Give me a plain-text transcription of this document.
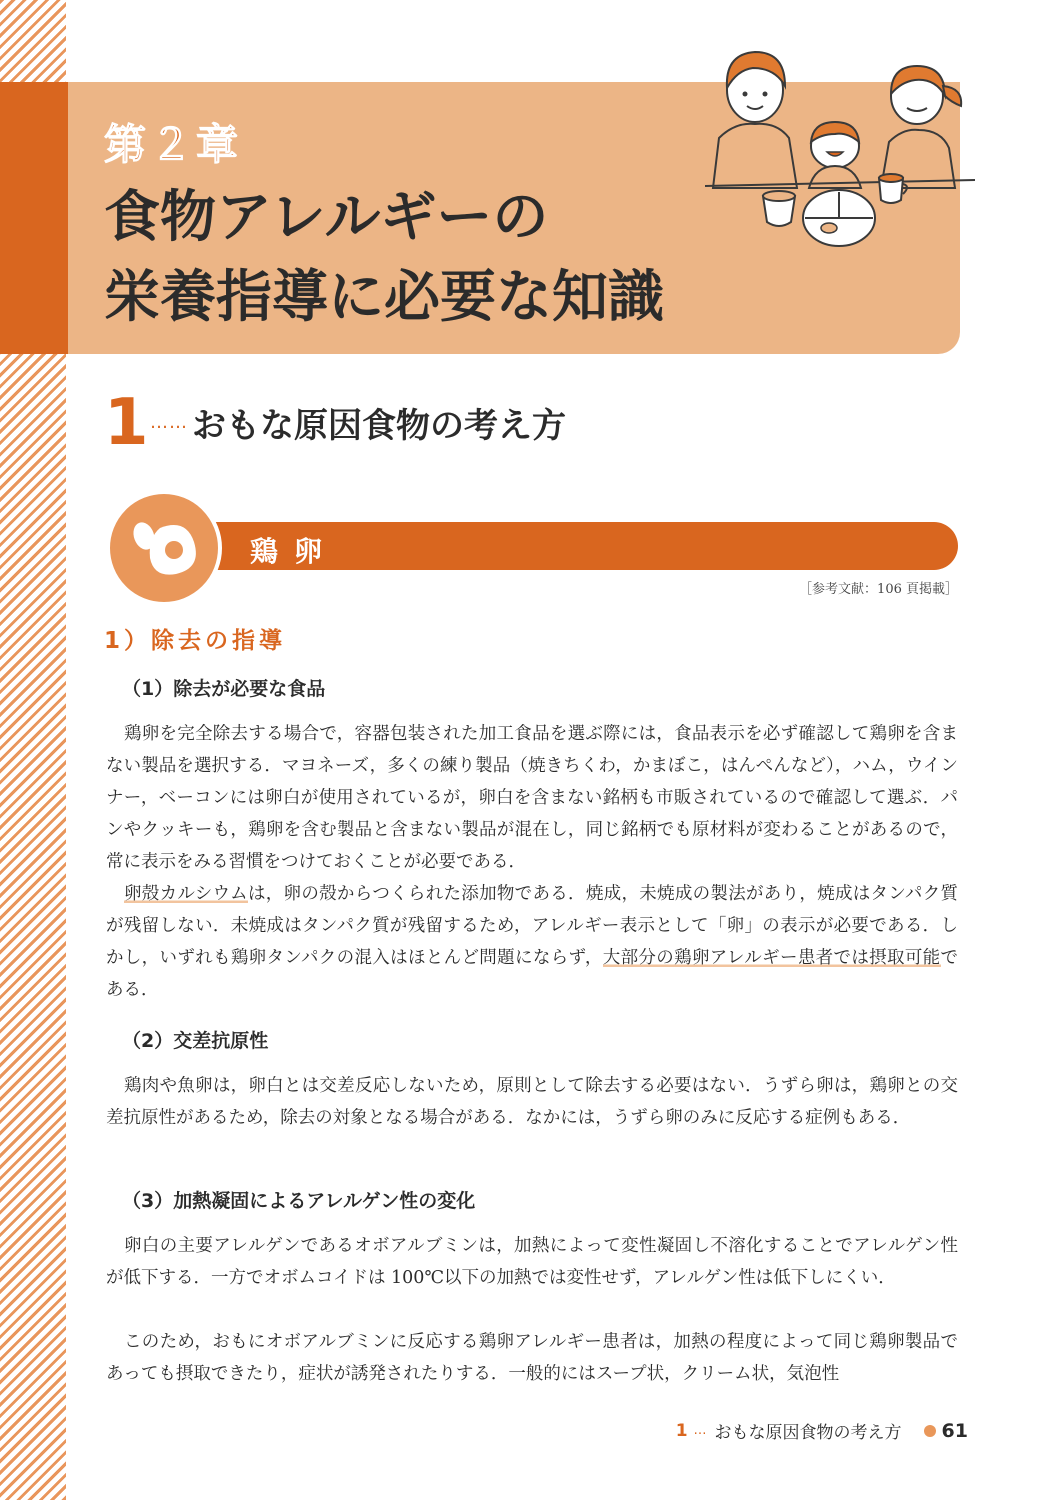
第２章
食物アレルギーの
栄養指導に必要な知識
1 …… おもな原因食物の考え方
鶏卵
［参考文献：106 頁掲載］
1）除去の指導
（1）除去が必要な食品

鶏卵を完全除去する場合で，容器包装された加工食品を選ぶ際には，食品表示を必ず確認して鶏卵を含まない製品を選択する．マヨネーズ，多くの練り製品（焼きちくわ，かまぼこ，はんぺんなど），ハム，ウインナー，ベーコンには卵白が使用されているが，卵白を含まない銘柄も市販されているので確認して選ぶ．パンやクッキーも，鶏卵を含む製品と含まない製品が混在し，同じ銘柄でも原材料が変わることがあるので，常に表示をみる習慣をつけておくことが必要である．

卵殻カルシウムは，卵の殻からつくられた添加物である．焼成，未焼成の製法があり，焼成はタンパク質が残留しない．未焼成はタンパク質が残留するため，アレルギー表示として「卵」の表示が必要である．しかし，いずれも鶏卵タンパクの混入はほとんど問題にならず，大部分の鶏卵アレルギー患者では摂取可能である．

（2）交差抗原性

鶏肉や魚卵は，卵白とは交差反応しないため，原則として除去する必要はない．うずら卵は，鶏卵との交差抗原性があるため，除去の対象となる場合がある．なかには，うずら卵のみに反応する症例もある．

（3）加熱凝固によるアレルゲン性の変化

卵白の主要アレルゲンであるオボアルブミンは，加熱によって変性凝固し不溶化することでアレルゲン性が低下する．一方でオボムコイドは 100℃以下の加熱では変性せず，アレルゲン性は低下しにくい．

このため，おもにオボアルブミンに反応する鶏卵アレルギー患者は，加熱の程度によって同じ鶏卵製品であっても摂取できたり，症状が誘発されたりする．一般的にはスープ状，クリーム状，気泡性

1 … おもな原因食物の考え方 61
